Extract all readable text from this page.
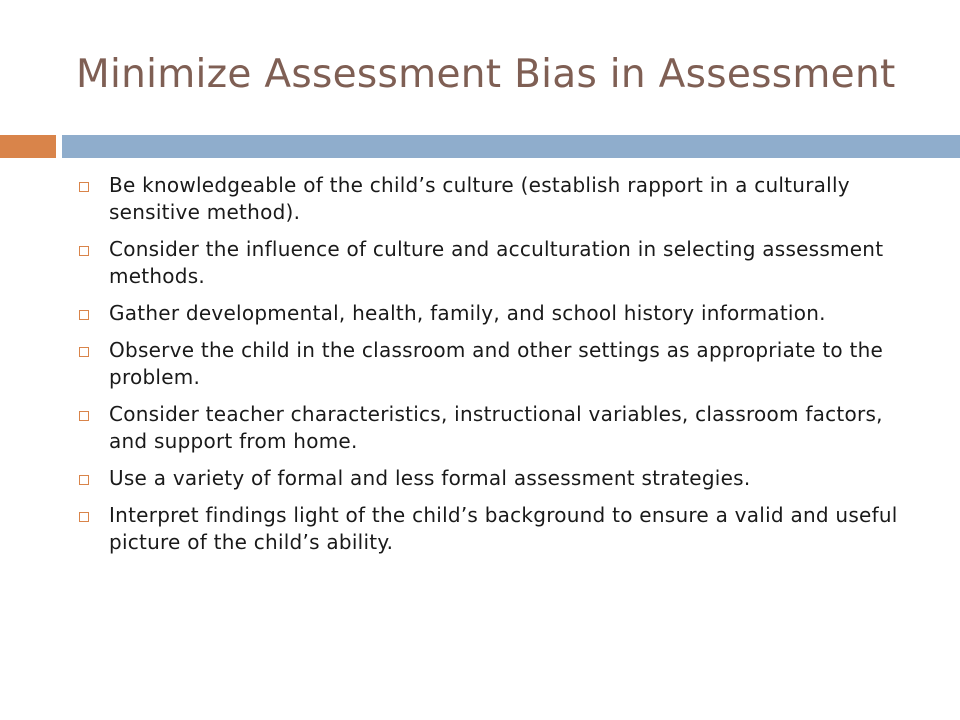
Minimize Assessment Bias in Assessment
Be knowledgeable of the child’s culture (establish rapport in a culturally sensitive method).
Consider the influence of culture and acculturation in selecting assessment methods.
Gather developmental, health, family, and school history information.
Observe the child in the classroom and other settings as appropriate to the problem.
Consider teacher characteristics, instructional variables, classroom factors, and support from home.
Use a variety of formal and less formal assessment strategies.
Interpret findings light of the child’s background to ensure a valid and useful picture of the child’s ability.
